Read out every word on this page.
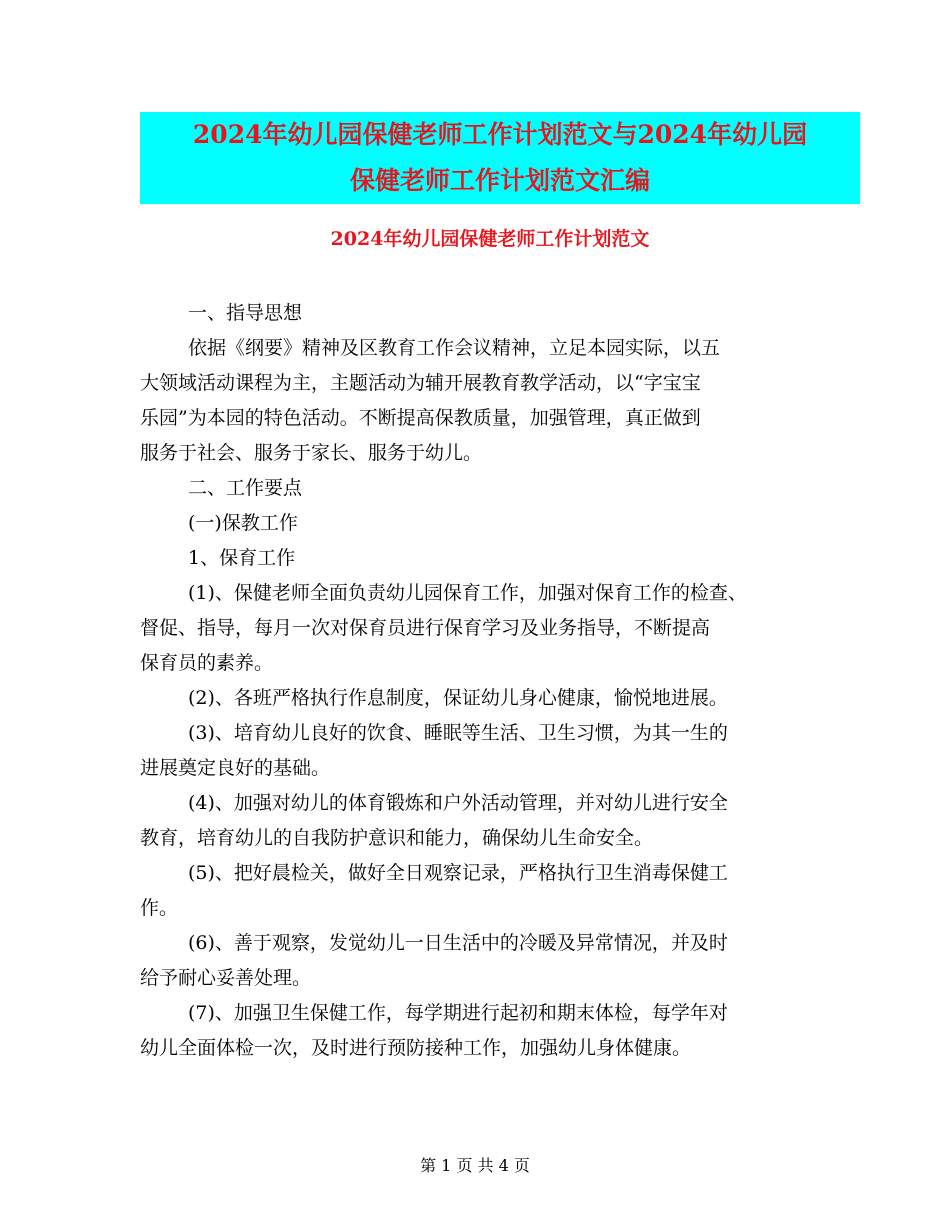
2024年幼儿园保健老师工作计划范文与2024年幼儿园
保健老师工作计划范文汇编
2024年幼儿园保健老师工作计划范文

一、指导思想

依据《纲要》精神及区教育工作会议精神，立足本园实际，以五
大领域活动课程为主，主题活动为辅开展教育教学活动，以“字宝宝
乐园”为本园的特色活动。不断提高保教质量，加强管理，真正做到
服务于社会、服务于家长、服务于幼儿。

二、工作要点

(一)保教工作

1、保育工作

(1)、保健老师全面负责幼儿园保育工作，加强对保育工作的检查、
督促、指导，每月一次对保育员进行保育学习及业务指导，不断提高
保育员的素养。

(2)、各班严格执行作息制度，保证幼儿身心健康，愉悦地进展。

(3)、培育幼儿良好的饮食、睡眠等生活、卫生习惯，为其一生的
进展奠定良好的基础。

(4)、加强对幼儿的体育锻炼和户外活动管理，并对幼儿进行安全
教育，培育幼儿的自我防护意识和能力，确保幼儿生命安全。

(5)、把好晨检关，做好全日观察记录，严格执行卫生消毒保健工
作。

(6)、善于观察，发觉幼儿一日生活中的冷暖及异常情况，并及时
给予耐心妥善处理。

(7)、加强卫生保健工作，每学期进行起初和期末体检，每学年对
幼儿全面体检一次，及时进行预防接种工作，加强幼儿身体健康。

第 1 页 共 4 页
